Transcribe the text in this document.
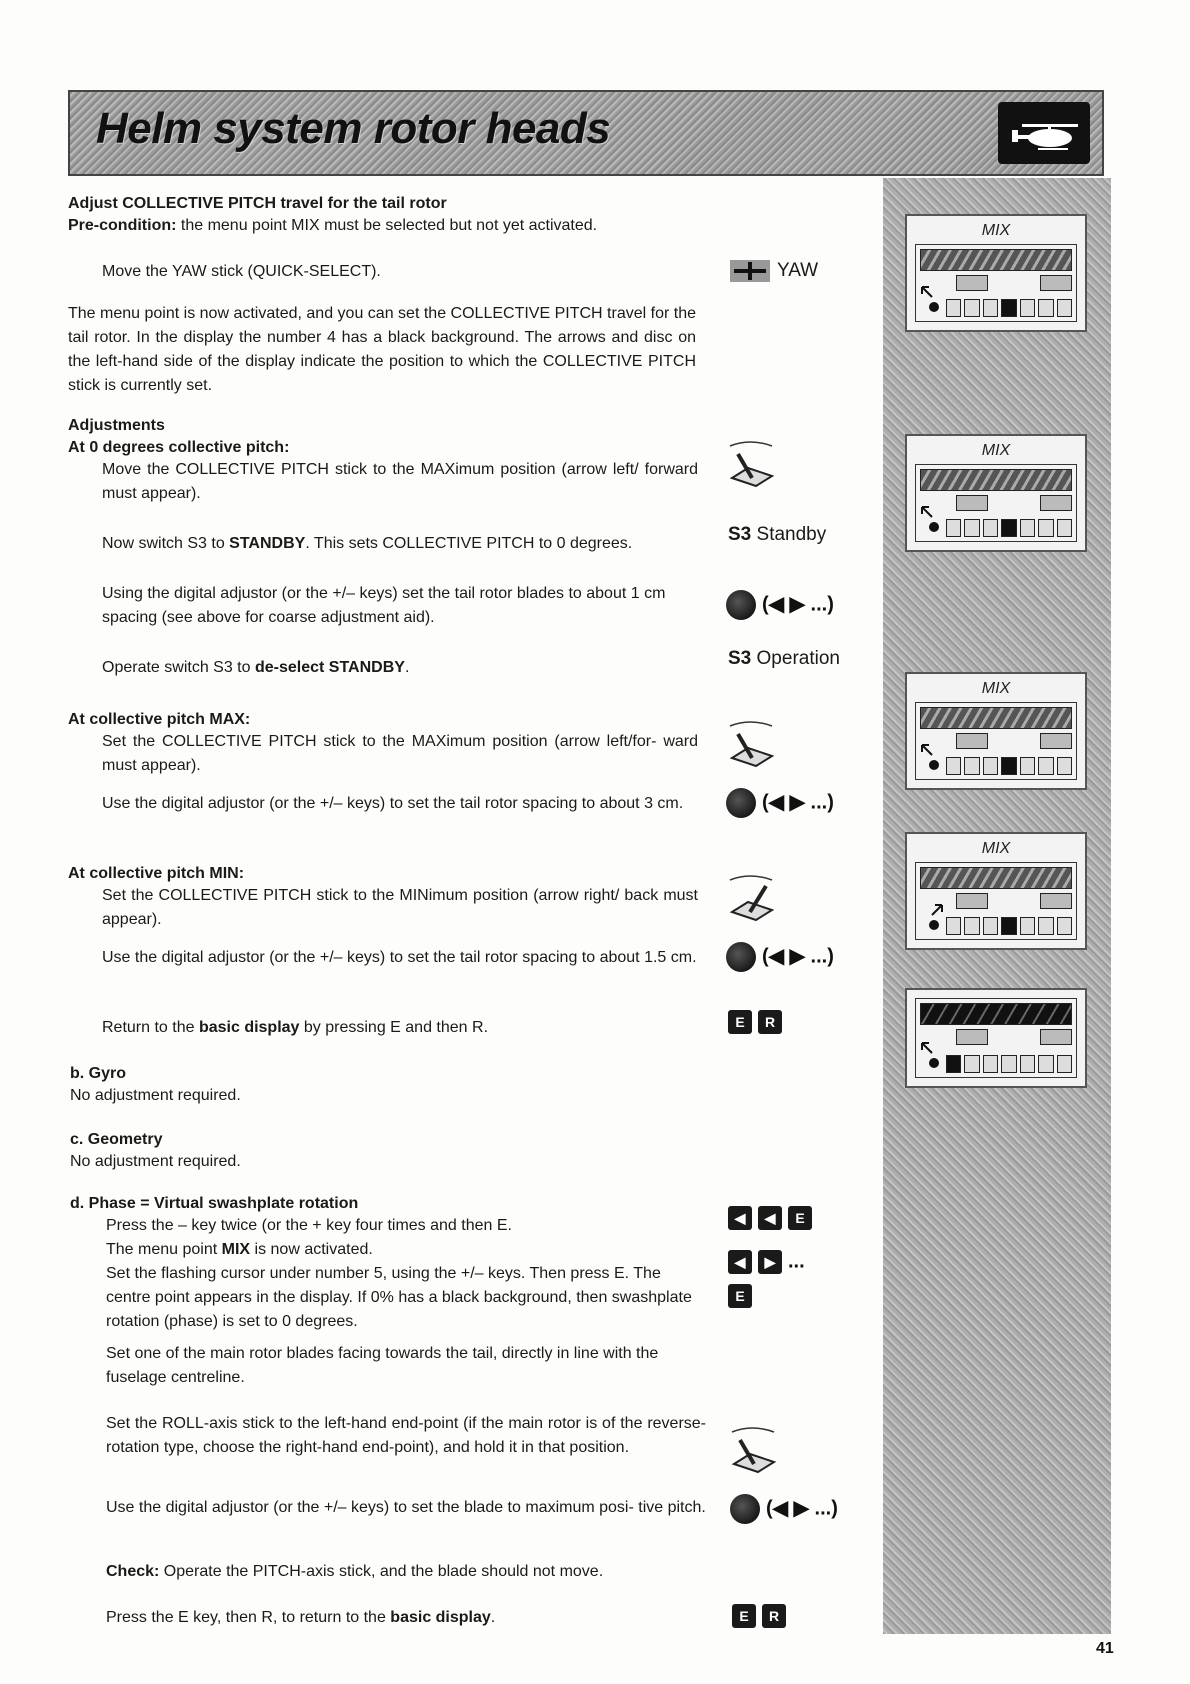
Helm system rotor heads
MIX
MIX
MIX
MIX

Adjust COLLECTIVE PITCH travel for the tail rotor

Pre-condition: the menu point MIX must be selected but not yet activated.

Move the YAW stick (QUICK-SELECT).

The menu point is now activated, and you can set the COLLECTIVE PITCH travel for the tail rotor. In the display the number 4 has a black background. The arrows and disc on the left-hand side of the display indicate the position to which the COLLECTIVE PITCH stick is currently set.

Adjustments

At 0 degrees collective pitch:

Move the COLLECTIVE PITCH stick to the MAXimum position (arrow left/ forward must appear).

Now switch S3 to STANDBY. This sets COLLECTIVE PITCH to 0 degrees.

Using the digital adjustor (or the +/– keys) set the tail rotor blades to about 1 cm spacing (see above for coarse adjustment aid).

Operate switch S3 to de-select STANDBY.

At collective pitch MAX:

Set the COLLECTIVE PITCH stick to the MAXimum position (arrow left/for- ward must appear).

Use the digital adjustor (or the +/– keys) to set the tail rotor spacing to about 3 cm.

At collective pitch MIN:

Set the COLLECTIVE PITCH stick to the MINimum position (arrow right/ back must appear).

Use the digital adjustor (or the +/– keys) to set the tail rotor spacing to about 1.5 cm.

Return to the basic display by pressing E and then R.

b. Gyro

No adjustment required.

c. Geometry

No adjustment required.

d. Phase = Virtual swashplate rotation

Press the – key twice (or the + key four times and then E.

The menu point MIX is now activated.

Set the flashing cursor under number 5, using the +/– keys. Then press E. The centre point appears in the display. If 0% has a black background, then swashplate rotation (phase) is set to 0 degrees.

Set one of the main rotor blades facing towards the tail, directly in line with the fuselage centreline.

Set the ROLL-axis stick to the left-hand end-point (if the main rotor is of the reverse-rotation type, choose the right-hand end-point), and hold it in that position.

Use the digital adjustor (or the +/– keys) to set the blade to maximum posi- tive pitch.

Check: Operate the PITCH-axis stick, and the blade should not move.

Press the E key, then R, to return to the basic display.

YAW
S3 Standby
(◀ ▶ ...)
S3 Operation
(◀ ▶ ...)
(◀ ▶ ...)
E R
◀ ◀ E
◀ ▶ ...
E
(◀ ▶ ...)
E R
41
